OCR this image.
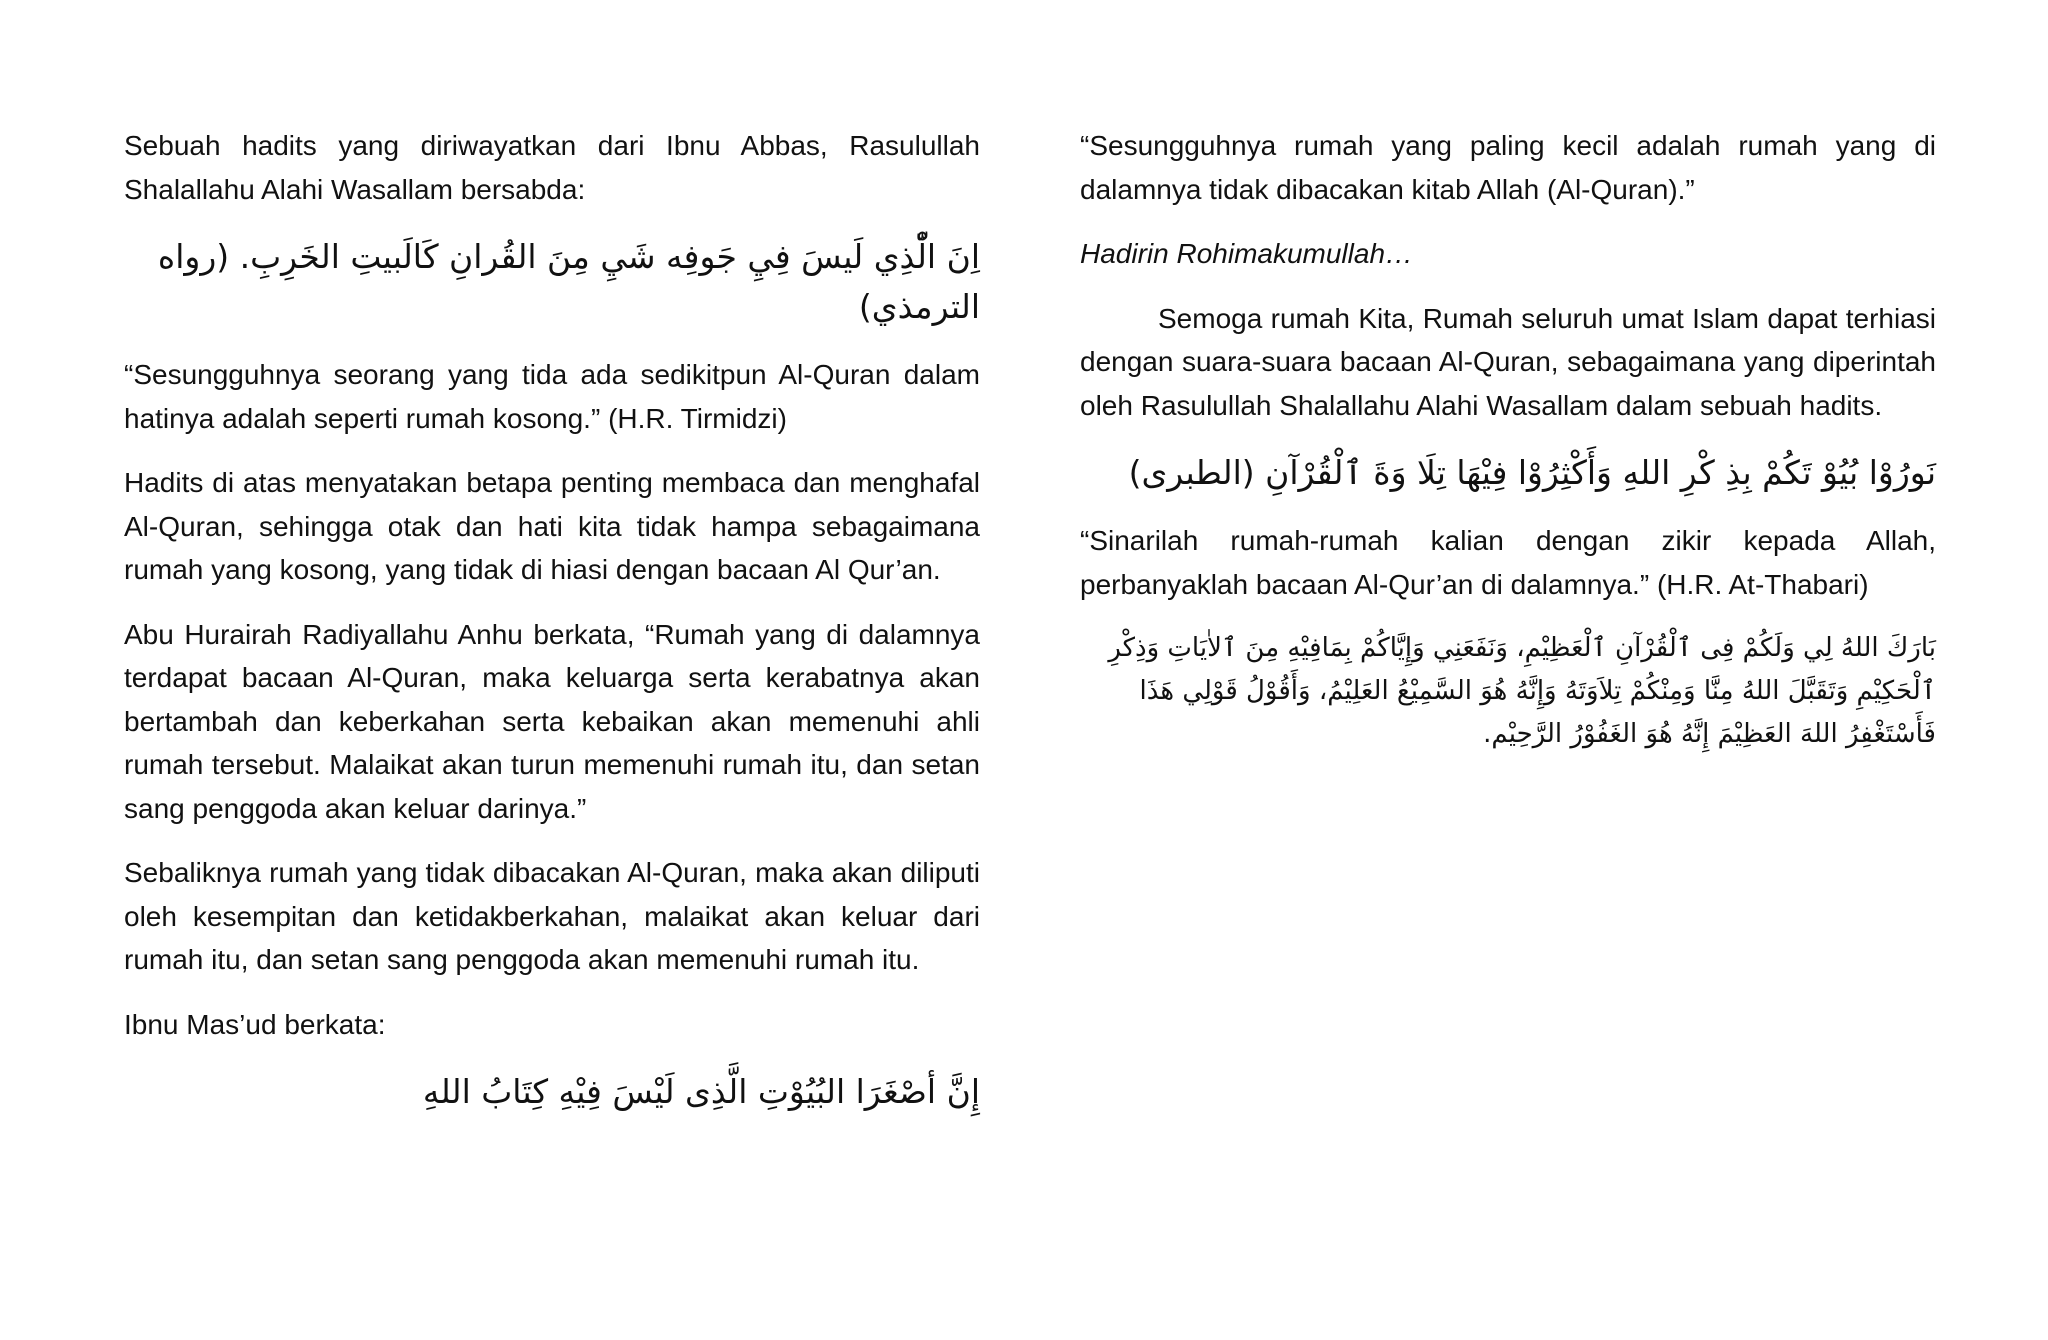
Sebuah hadits yang diriwayatkan dari Ibnu Abbas, Rasulullah Shalallahu Alahi Wasallam bersabda:

اِنَ الّْذِي لَيسَ فِيِ جَوفِه شَيِ مِنَ القُرانِ كَالَبيتِ الخَرِبِ. (رواه الترمذي)

“Sesungguhnya seorang yang tida ada sedikitpun Al-Quran dalam hatinya adalah seperti rumah kosong.” (H.R. Tirmidzi)

Hadits di atas menyatakan betapa penting membaca dan menghafal Al-Quran, sehingga otak dan hati kita tidak hampa sebagaimana rumah yang kosong, yang tidak di hiasi dengan bacaan Al Qur’an.

Abu Hurairah Radiyallahu Anhu berkata, “Rumah yang di dalamnya terdapat bacaan Al-Quran, maka keluarga serta kerabatnya akan bertambah dan keberkahan serta kebaikan akan memenuhi ahli rumah tersebut. Malaikat akan turun memenuhi rumah itu, dan setan sang penggoda akan keluar darinya.”

Sebaliknya rumah yang tidak dibacakan Al-Quran, maka akan diliputi oleh kesempitan dan ketidakberkahan, malaikat akan keluar dari rumah itu, dan setan sang penggoda akan memenuhi rumah itu.

Ibnu Mas’ud berkata:

إِنَّ أصْغَرَا البُيُوْتِ الَّذِى لَيْسَ فِيْهِ كِتَابُ اللهِ

“Sesungguhnya rumah yang paling kecil adalah rumah yang di dalamnya tidak dibacakan kitab Allah (Al-Quran).”

Hadirin Rohimakumullah…

Semoga rumah Kita, Rumah seluruh umat Islam dapat terhiasi dengan suara-suara bacaan Al-Quran, sebagaimana yang diperintah oleh Rasulullah Shalallahu Alahi Wasallam dalam sebuah hadits.

نَورُوْا بُيُوْ تَكُمْ بِذِ كْرِ اللهِ وَأَكْثِرُوْا فِيْهَا تِلَا وَةَ ٱلْقُرْآنِ (الطبرى)

“Sinarilah rumah-rumah kalian dengan zikir kepada Allah, perbanyaklah bacaan Al-Qur’an di dalamnya.” (H.R. At-Thabari)

بَارَكَ اللهُ لِي وَلَكُمْ فِى ٱلْقُرْآنِ ٱلْعَظِيْمِ، وَنَفَعَنِي وَإِيَّاكُمْ بِمَافِيْهِ مِنَ ٱلاٰيَاتِ وَذِكْرِ ٱلْحَكِيْمِ وَتَقَبَّلَ اللهُ مِنَّا وَمِنْكُمْ تِلاَوَتَهُ وَإِنَّهُ هُوَ السَّمِيْعُ العَلِيْمُ، وَأَقُوْلُ قَوْلِي هَذَا فَأَسْتَغْفِرُ اللهَ العَظِيْمَ إِنَّهُ هُوَ الغَفُوْرُ الرَّحِيْم.
